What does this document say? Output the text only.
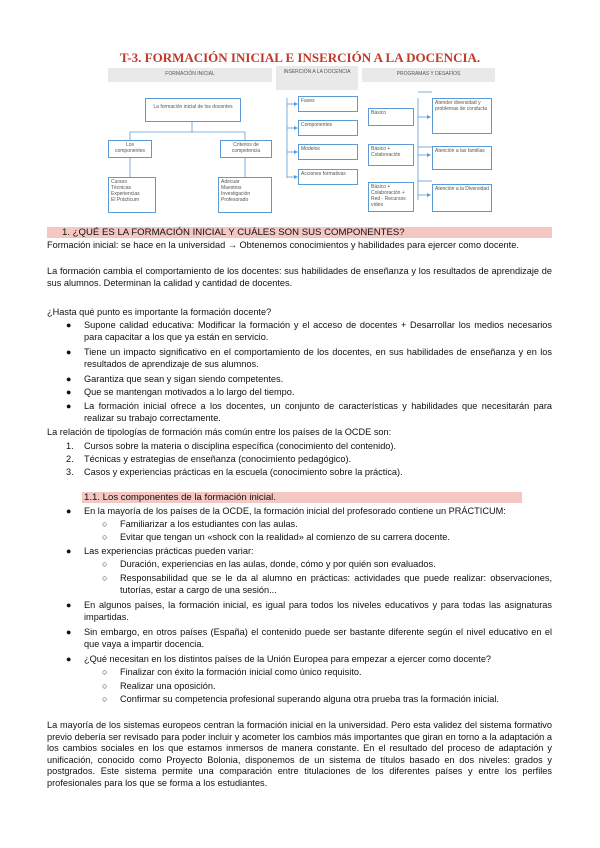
T-3. FORMACIÓN INICIAL E INSERCIÓN A LA DOCENCIA.
FORMACIÓN INICIAL	INSERCIÓN A LA DOCENCIA	PROGRAMAS Y DESAFÍOS
La formación inicial de los docentes
Los componentes
Criterios de competencia
Cursos
Técnicas
Experiencias
El Prácticum
Adecuar
Maestros
Investigación
Profesorado
Fases
Componentes
Modelos
Acciones formativas
Básico
Básico + Colaboración
Básico + Colaboración + Red - Recursos vídeo
Atender diversidad y problemas de conducta
Atención a las familias
Atención a la Diversidad
1. ¿QUÉ ES LA FORMACIÓN INICIAL Y CUÁLES SON SUS COMPONENTES?
Formación inicial: se hace en la universidad → Obtenemos conocimientos y habilidades para ejercer como docente.
La formación cambia el comportamiento de los docentes: sus habilidades de enseñanza y los resultados de aprendizaje de sus alumnos. Determinan la calidad y cantidad de docentes.
¿Hasta qué punto es importante la formación docente?
● Supone calidad educativa: Modificar la formación y el acceso de docentes + Desarrollar los medios necesarios para capacitar a los que ya están en servicio.
● Tiene un impacto significativo en el comportamiento de los docentes, en sus habilidades de enseñanza y en los resultados de aprendizaje de sus alumnos.
● Garantiza que sean y sigan siendo competentes.
● Que se mantengan motivados a lo largo del tiempo.
● La formación inicial ofrece a los docentes, un conjunto de características y habilidades que necesitarán para realizar su trabajo correctamente.
La relación de tipologías de formación más común entre los países de la OCDE son:
1. Cursos sobre la materia o disciplina específica (conocimiento del contenido).
2. Técnicas y estrategias de enseñanza (conocimiento pedagógico).
3. Casos y experiencias prácticas en la escuela (conocimiento sobre la práctica).
1.1. Los componentes de la formación inicial.
● En la mayoría de los países de la OCDE, la formación inicial del profesorado contiene un PRÁCTICUM:
○ Familiarizar a los estudiantes con las aulas.
○ Evitar que tengan un «shock con la realidad» al comienzo de su carrera docente.
● Las experiencias prácticas pueden variar:
○ Duración, experiencias en las aulas, donde, cómo y por quién son evaluados.
○ Responsabilidad que se le da al alumno en prácticas: actividades que puede realizar: observaciones, tutorías, estar a cargo de una sesión...
● En algunos países, la formación inicial, es igual para todos los niveles educativos y para todas las asignaturas impartidas.
● Sin embargo, en otros países (España) el contenido puede ser bastante diferente según el nivel educativo en el que vaya a impartir docencia.
● ¿Qué necesitan en los distintos países de la Unión Europea para empezar a ejercer como docente?
○ Finalizar con éxito la formación inicial como único requisito.
○ Realizar una oposición.
○ Confirmar su competencia profesional superando alguna otra prueba tras la formación inicial.
La mayoría de los sistemas europeos centran la formación inicial en la universidad. Pero esta validez del sistema formativo previo debería ser revisado para poder incluir y acometer los cambios más importantes que giran en torno a la adaptación a los cambios sociales en los que estamos inmersos de manera constante. En el resultado del proceso de adaptación y unificación, conocido como Proyecto Bolonia, disponemos de un sistema de títulos basado en dos niveles: grados y postgrados. Este sistema permite una comparación entre titulaciones de los diferentes países y entre los perfiles profesionales para los que se forma a los estudiantes.
